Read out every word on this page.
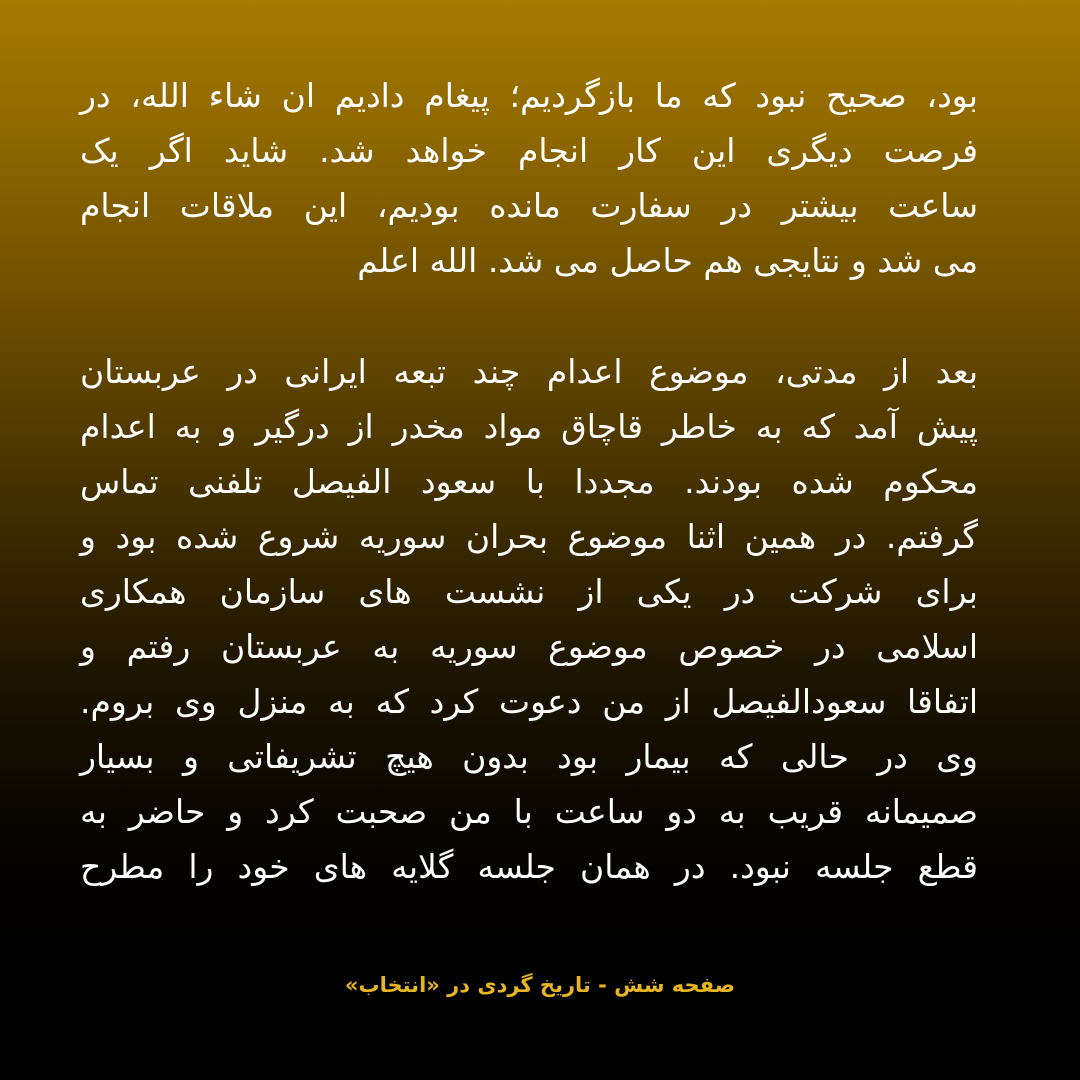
بود، صحیح نبود که ما بازگردیم؛ پیغام دادیم ان شاء الله، در
فرصت دیگری این کار انجام خواهد شد. شاید اگر یک
ساعت بیشتر در سفارت مانده بودیم، این ملاقات انجام
می شد و نتایجی هم حاصل می شد. الله اعلم
بعد از مدتی، موضوع اعدام چند تبعه ایرانی در عربستان
پیش آمد که به خاطر قاچاق مواد مخدر از درگیر و به اعدام
محکوم شده بودند. مجددا با سعود الفیصل تلفنی تماس
گرفتم. در همین اثنا موضوع بحران سوریه شروع شده بود و
برای شرکت در یکی از نشست های سازمان همکاری
اسلامی در خصوص موضوع سوریه به عربستان رفتم و
اتفاقا سعودالفیصل از من دعوت کرد که به منزل وی بروم.
وی در حالی که بیمار بود بدون هیچ تشریفاتی و بسیار
صمیمانه قریب به دو ساعت با من صحبت کرد و حاضر به
قطع جلسه نبود. در همان جلسه گلایه های خود را مطرح
صفحه شش - تاریخ گردی در «انتخاب»
